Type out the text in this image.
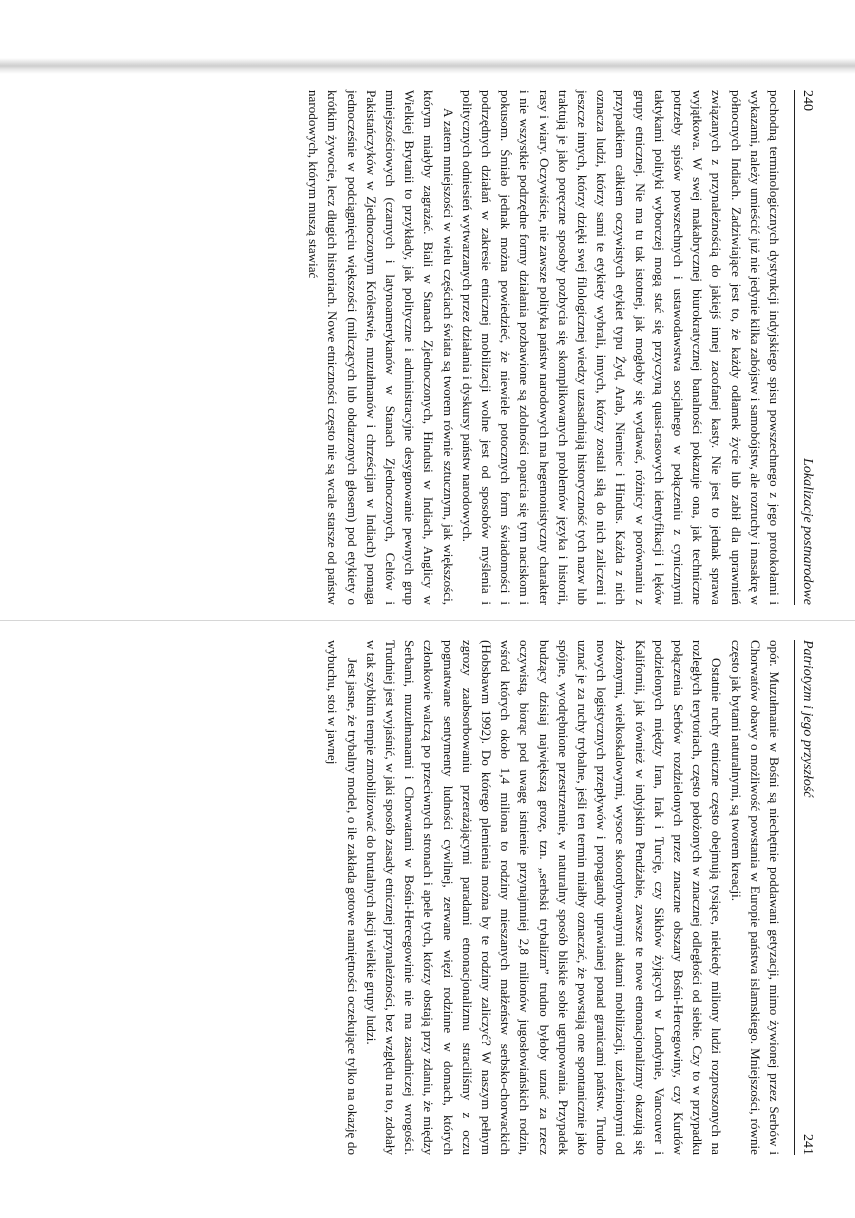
240
Lokalizacje postnarodowe

pochodną terminologicznych dystynkcji indyjskiego spisu powszechnego z jego protokołami i wykazami, należy umieścić już nie jedynie kilka zabójstw i samobójstw, ale rozruchy i masakrę w północnych Indiach. Zadziwiające jest to, że każdy odłamek życie lub zabił dla uprawnień związanych z przynależnością do jakiejś innej zacofanej kasty. Nie jest to jednak sprawa wyjątkowa. W swej makabrycznej biurokratycznej banalności pokazuje ona, jak techniczne potrzeby spisów powszechnych i ustawodawstwa socjalnego w połączeniu z cynicznymi taktykami polityki wyborczej mogą stać się przyczyną quasi-rasowych identyfikacji i lęków grupy etnicznej. Nie ma tu tak istotnej, jak mogłoby się wydawać, różnicy w porównaniu z przypadkiem całkiem oczywistych etykiet typu Żyd, Arab, Niemiec i Hindus. Każda z nich oznacza ludzi, którzy sami te etykiety wybrali, innych, którzy zostali siłą do nich zaliczeni i jeszcze innych, którzy dzięki swej filologicznej wiedzy uzasadniają historyczność tych nazw lub traktują je jako poręczne sposoby pozbycia się skomplikowanych problemów języka i historii, rasy i wiary. Oczywiście, nie zawsze polityka państw narodowych ma hegemonistyczny charakter i nie wszystkie podrzędne formy działania pozbawione są zdolności oparcia się tym naciskom i pokusom. Śmiało jednak można powiedzieć, że niewiele potocznych form świadomości i podrzędnych działań w zakresie etnicznej mobilizacji wolne jest od sposobów myślenia i politycznych odniesień wytwarzanych przez działania i dyskursy państw narodowych.

A zatem mniejszości w wielu częściach świata są tworem równie sztucznym, jak większości, którym miałyby zagrażać. Biali w Stanach Zjednoczonych, Hindusi w Indiach, Anglicy w Wielkiej Brytanii to przykłady, jak polityczne i administracyjne desygnowanie pewnych grup mniejszościowych (czarnych i latynoamerykanów w Stanach Zjednoczonych, Celtów i Pakistańczyków w Zjednoczonym Królestwie, muzułmanów i chrześcijan w Indiach) pomaga jednocześnie w podciągnięciu większości (milczących lub obdarzonych głosem) pod etykiety o krótkim żywocie, lecz długich historiach. Nowe etniczności często nie są wcale starsze od państw narodowych, którym muszą stawiać

Patriotyzm i jego przyszłość
241

opór. Muzułmanie w Bośni są niechętnie poddawani getyzacji, mimo żywionej przez Serbów i Chorwatów obawy o możliwość powstania w Europie państwa islamskiego. Mniejszości, równie często jak bytami naturalnymi, są tworem kreacji.

Ostatnie ruchy etniczne często obejmują tysiące, niekiedy miliony ludzi rozproszonych na rozległych terytoriach, często położonych w znacznej odległości od siebie. Czy to w przypadku połączenia Serbów rozdzielonych przez znaczne obszary Bośni-Hercegowiny, czy Kurdów podzielonych między Iran, Irak i Turcję, czy Sikhów żyjących w Londynie, Vancouver i Kalifornii, jak również w indyjskim Pendżabie, zawsze te nowe etnonacjonalizmy okazują się złożonymi, wielkoskalowymi, wysoce skoordynowanymi aktami mobilizacji, uzależnionymi od nowych logistycznych przepływów i propagandy uprawianej ponad granicami państw. Trudno uznać je za ruchy trybalne, jeśli ten termin miałby oznaczać, że powstają one spontanicznie jako spójne, wyodrębnione przestrzennie, w naturalny sposób bliskie sobie ugrupowania. Przypadek budzący dzisiaj największą grozę, tzn. „serbski trybalizm” trudno byłoby uznać za rzecz oczywistą, biorąc pod uwagę istnienie przynajmniej 2,8 milionów jugosłowiańskich rodzin, wśród których około 1,4 miliona to rodziny mieszanych małżeństw serbsko-chorwackich (Hobsbawm 1992). Do którego plemienia można by te rodziny zaliczyć? W naszym pełnym zgrozy zaabsorbowaniu przerażającymi paradami etnonacjonalizmu straciliśmy z oczu pogmatwane sentymenty ludności cywilnej, zerwane więzi rodzinne w domach, których członkowie walczą po przeciwnych stronach i apele tych, którzy obstają przy zdaniu, że między Serbami, muzułmanami i Chorwatami w Bośni-Hercegowinie nie ma zasadniczej wrogości. Trudniej jest wyjaśnić, w jaki sposób zasady etnicznej przynależności, bez względu na to, zdołały w tak szybkim tempie zmobilizować do brutalnych akcji wielkie grupy ludzi.

Jest jasne, że trybalny model, o ile zakłada gotowe namiętności oczekujące tylko na okazję do wybuchu, stoi w jawnej
